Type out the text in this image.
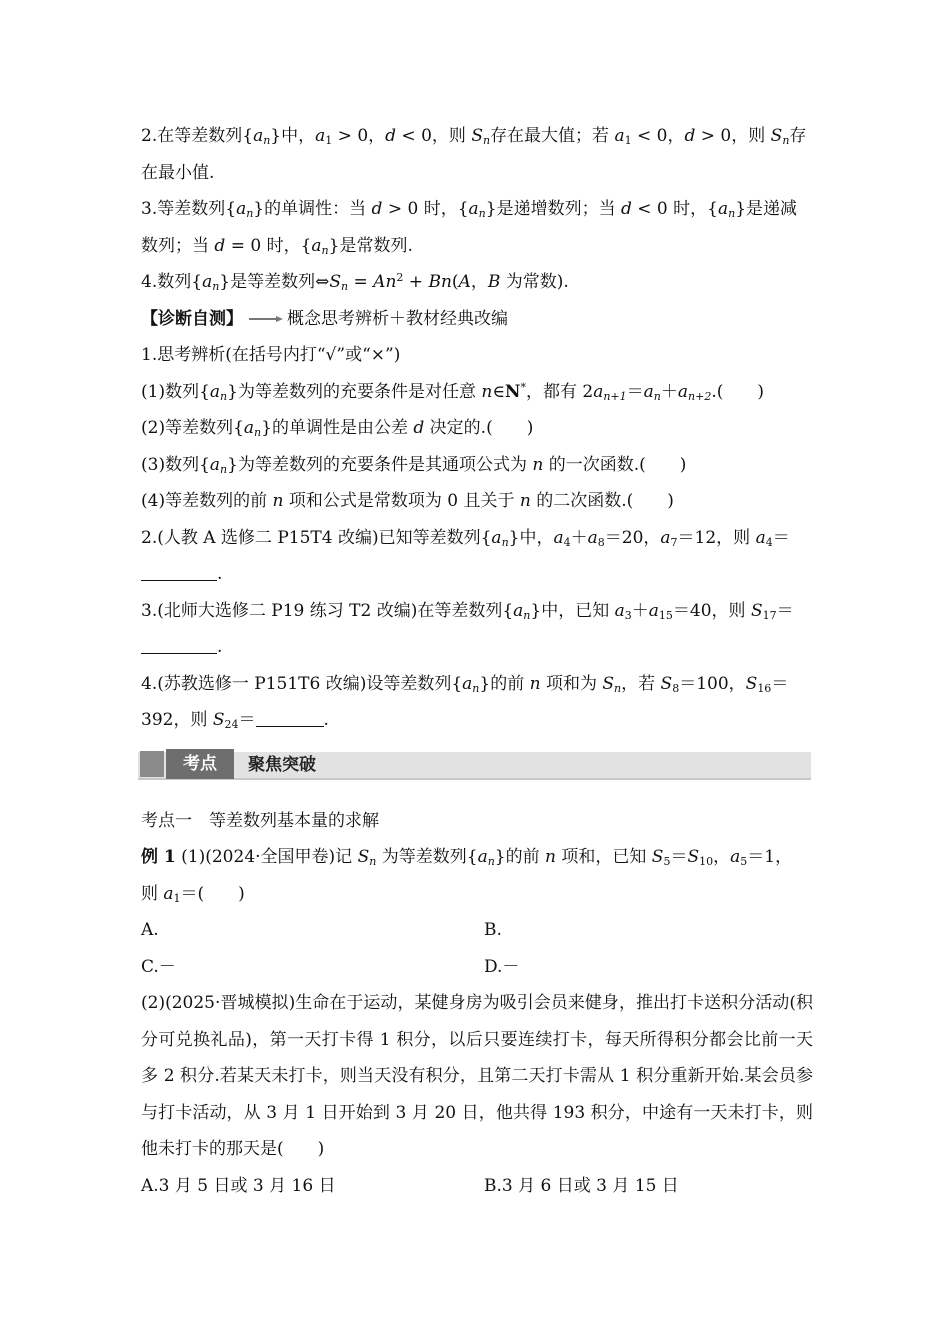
2.在等差数列$\{a_n\}$中，$a_1 > 0$，d < 0，则 $S_n$存在最大值；若 $a_1 < 0$，d > 0，则 $S_n$存
在最小值.
3.等差数列$\{a_n\}$的单调性：当 d > 0 时，$\{a_n\}$是递增数列；当 d < 0 时，$\{a_n\}$是递减
数列；当 d = 0 时，$\{a_n\}$是常数列.
4.数列$\{a_n\}$是等差数列$\Leftrightarrow S_n = An^2 + Bn(A$，B 为常数).
【诊断自测】	概念思考辨析＋教材经典改编
1.思考辨析(在括号内打“√”或“×”)
(1)数列$\{a_n\}$为等差数列的充要条件是对任意 n∈N*，都有 $2a_{n+1}=a_n+a_{n+2}$.(　　)
(2)等差数列$\{a_n\}$的单调性是由公差 d 决定的.(　　)
(3)数列$\{a_n\}$为等差数列的充要条件是其通项公式为 n 的一次函数.(　　)
(4)等差数列的前 n 项和公式是常数项为 0 且关于 n 的二次函数.(　　)
2.(人教 A 选修二 P15T4 改编)已知等差数列$\{a_n\}$中，$a_4+a_8=20$，$a_7=12$，则 $a_4=$
.
3.(北师大选修二 P19 练习 T2 改编)在等差数列$\{a_n\}$中，已知 $a_3+a_{15}=40$，则 $S_{17}=$
.
4.(苏教选修一 P151T6 改编)设等差数列$\{a_n\}$的前 n 项和为 $S_n$，若 $S_8=100$，$S_{16}=$
392，则 $S_{24}=$	.
考点	聚焦突破
考点一　等差数列基本量的求解
例 1 (1)(2024·全国甲卷)记 $S_n$ 为等差数列$\{a_n\}$的前 n 项和，已知 $S_5=S_{10}$，$a_5=1$，
则 $a_1=$(　　)
A.	B.
C.－	D.－
(2)(2025·晋城模拟)生命在于运动，某健身房为吸引会员来健身，推出打卡送积分活动(积分可兑换礼品)，第一天打卡得 1 积分，以后只要连续打卡，每天所得积分都会比前一天多 2 积分.若某天未打卡，则当天没有积分，且第二天打卡需从 1 积分重新开始.某会员参与打卡活动，从 3 月 1 日开始到 3 月 20 日，他共得 193 积分，中途有一天未打卡，则他未打卡的那天是(　　)
A.3 月 5 日或 3 月 16 日	B.3 月 6 日或 3 月 15 日
